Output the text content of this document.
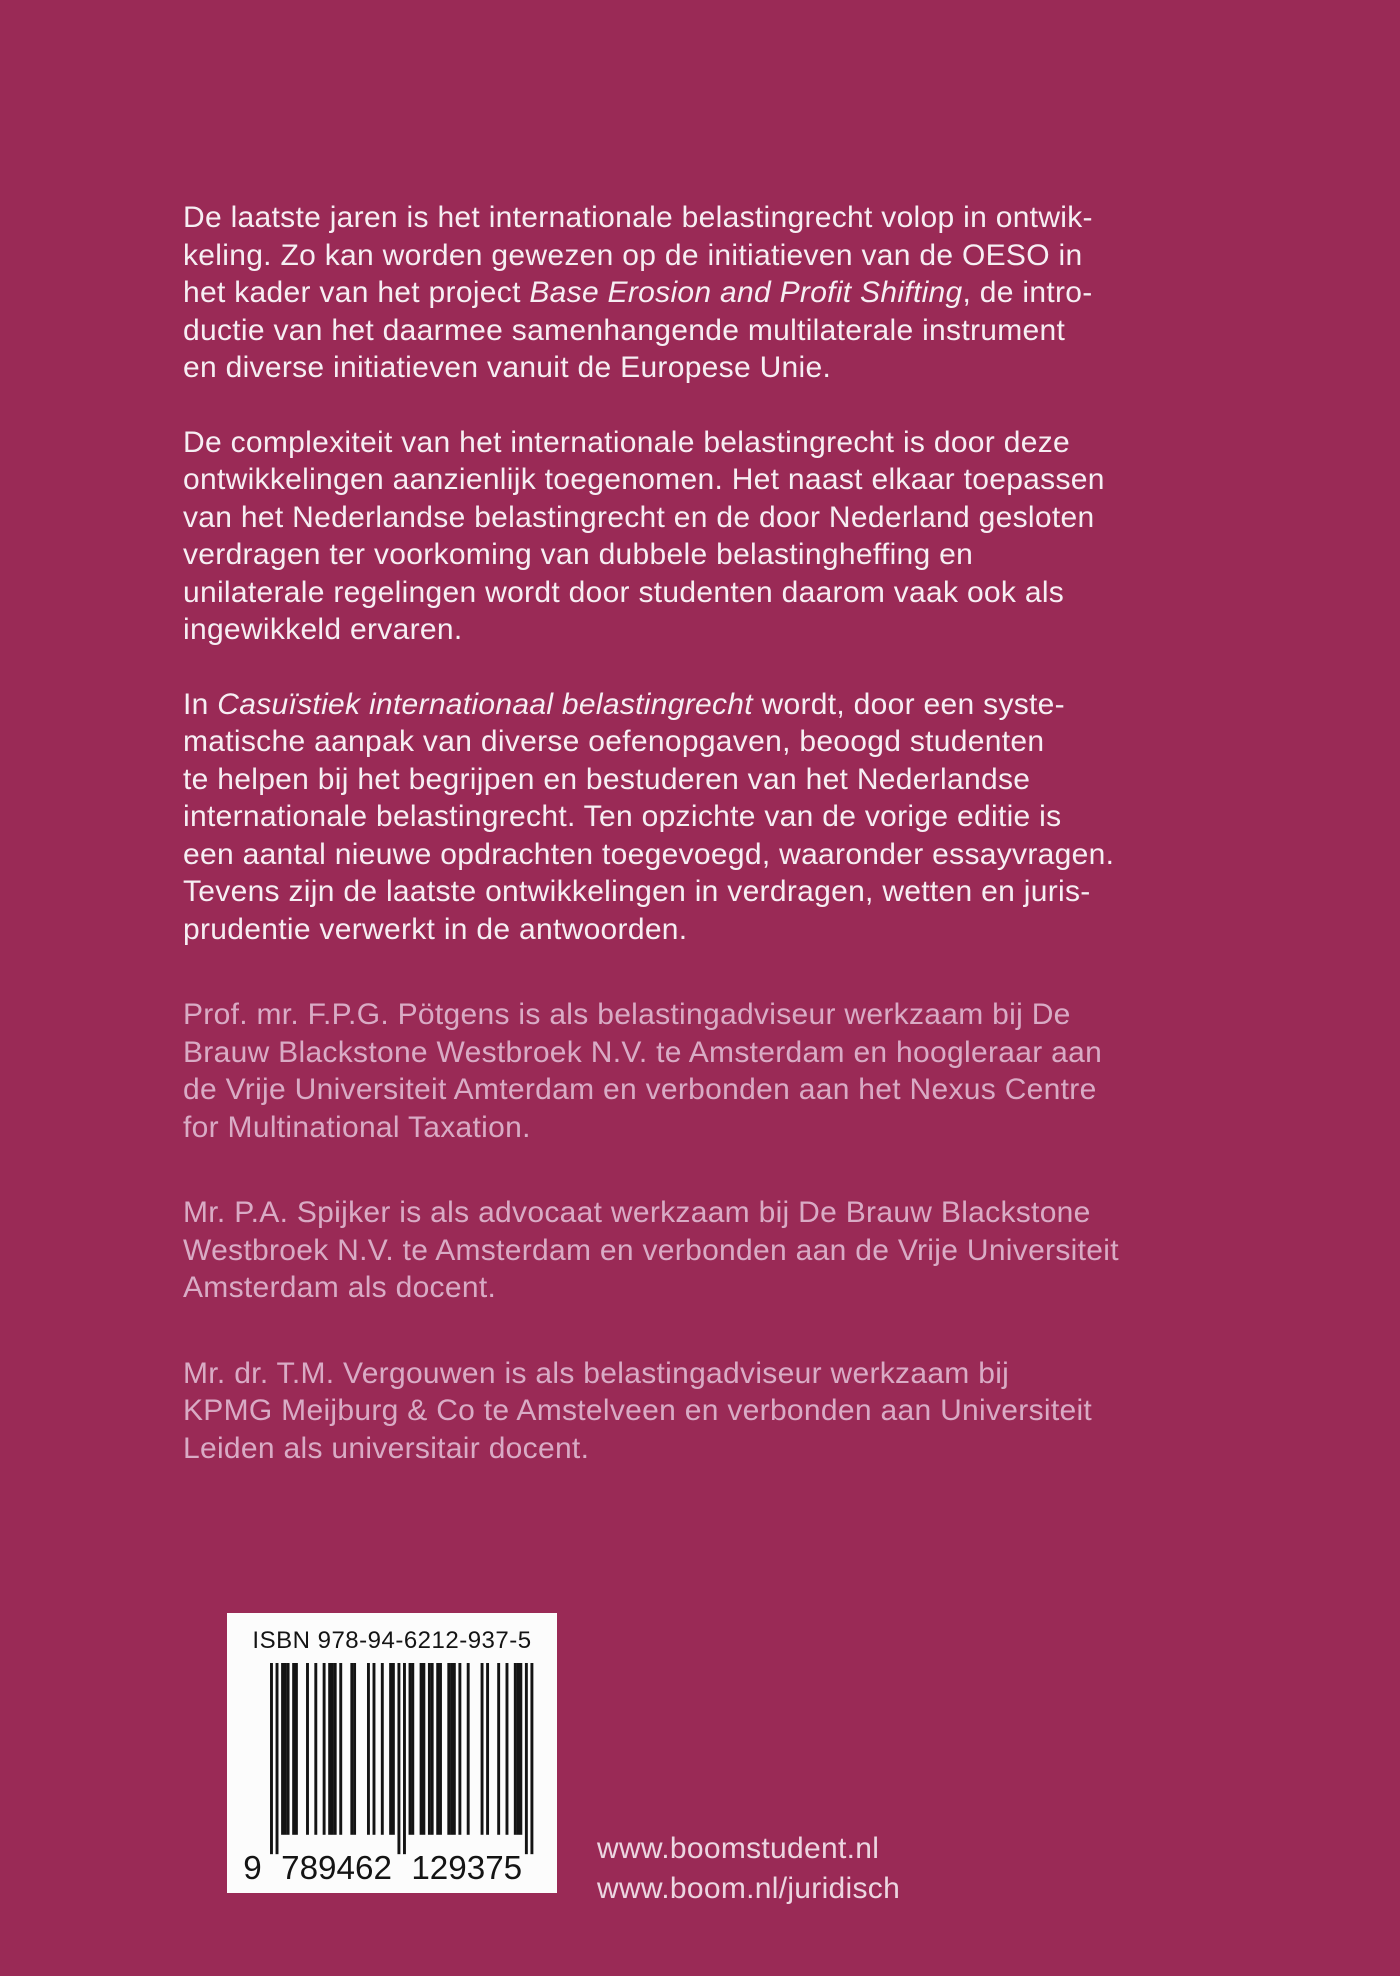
De laatste jaren is het internationale belastingrecht volop in ontwik-
keling. Zo kan worden gewezen op de initiatieven van de OESO in
het kader van het project Base Erosion and Profit Shifting, de intro-
ductie van het daarmee samenhangende multilaterale instrument
en diverse initiatieven vanuit de Europese Unie.

De complexiteit van het internationale belastingrecht is door deze
ontwikkelingen aanzienlijk toegenomen. Het naast elkaar toepassen
van het Nederlandse belastingrecht en de door Nederland gesloten
verdragen ter voorkoming van dubbele belastingheffing en
unilaterale regelingen wordt door studenten daarom vaak ook als
ingewikkeld ervaren.

In Casuïstiek internationaal belastingrecht wordt, door een syste-
matische aanpak van diverse oefenopgaven, beoogd studenten
te helpen bij het begrijpen en bestuderen van het Nederlandse
internationale belastingrecht. Ten opzichte van de vorige editie is
een aantal nieuwe opdrachten toegevoegd, waaronder essayvragen.
Tevens zijn de laatste ontwikkelingen in verdragen, wetten en juris-
prudentie verwerkt in de antwoorden.

Prof. mr. F.P.G. Pötgens is als belastingadviseur werkzaam bij De
Brauw Blackstone Westbroek N.V. te Amsterdam en hoogleraar aan
de Vrije Universiteit Amterdam en verbonden aan het Nexus Centre
for Multinational Taxation.

Mr. P.A. Spijker is als advocaat werkzaam bij De Brauw Blackstone
Westbroek N.V. te Amsterdam en verbonden aan de Vrije Universiteit
Amsterdam als docent.

Mr. dr. T.M. Vergouwen is als belastingadviseur werkzaam bij
KPMG Meijburg & Co te Amstelveen en verbonden aan Universiteit
Leiden als universitair docent.

ISBN 978-94-6212-937-5
9 789462 129375
www.boomstudent.nl
www.boom.nl/juridisch
